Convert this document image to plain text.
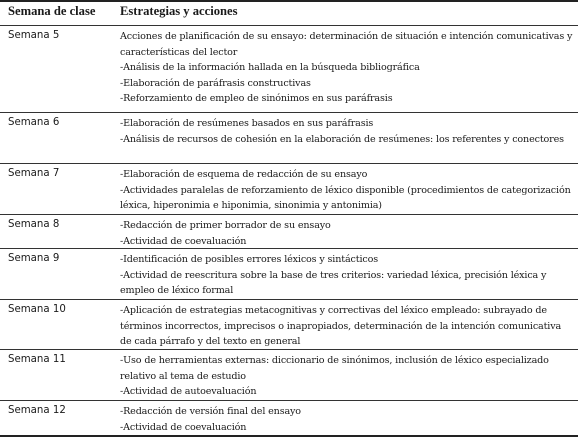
Semana de clase Estrategias y acciones
Semana 5	Acciones de planificación de su ensayo: determinación de situación e intención comunicativas y características del lector
-Análisis de la información hallada en la búsqueda bibliográfica
-Elaboración de paráfrasis constructivas
-Reforzamiento de empleo de sinónimos en sus paráfrasis
Semana 6	-Elaboración de resúmenes basados en sus paráfrasis
-Análisis de recursos de cohesión en la elaboración de resúmenes: los referentes y conectores
Semana 7	-Elaboración de esquema de redacción de su ensayo
-Actividades paralelas de reforzamiento de léxico disponible (procedimientos de categorización léxica, hiperonimia e hiponimia, sinonimia y antonimia)
Semana 8	-Redacción de primer borrador de su ensayo
-Actividad de coevaluación
Semana 9	-Identificación de posibles errores léxicos y sintácticos
-Actividad de reescritura sobre la base de tres criterios: variedad léxica, precisión léxica y empleo de léxico formal
Semana 10	-Aplicación de estrategias metacognitivas y correctivas del léxico empleado: subrayado de términos incorrectos, imprecisos o inapropiados, determinación de la intención comunicativa de cada párrafo y del texto en general
Semana 11	-Uso de herramientas externas: diccionario de sinónimos, inclusión de léxico especializado relativo al tema de estudio
-Actividad de autoevaluación
Semana 12	-Redacción de versión final del ensayo
-Actividad de coevaluación
